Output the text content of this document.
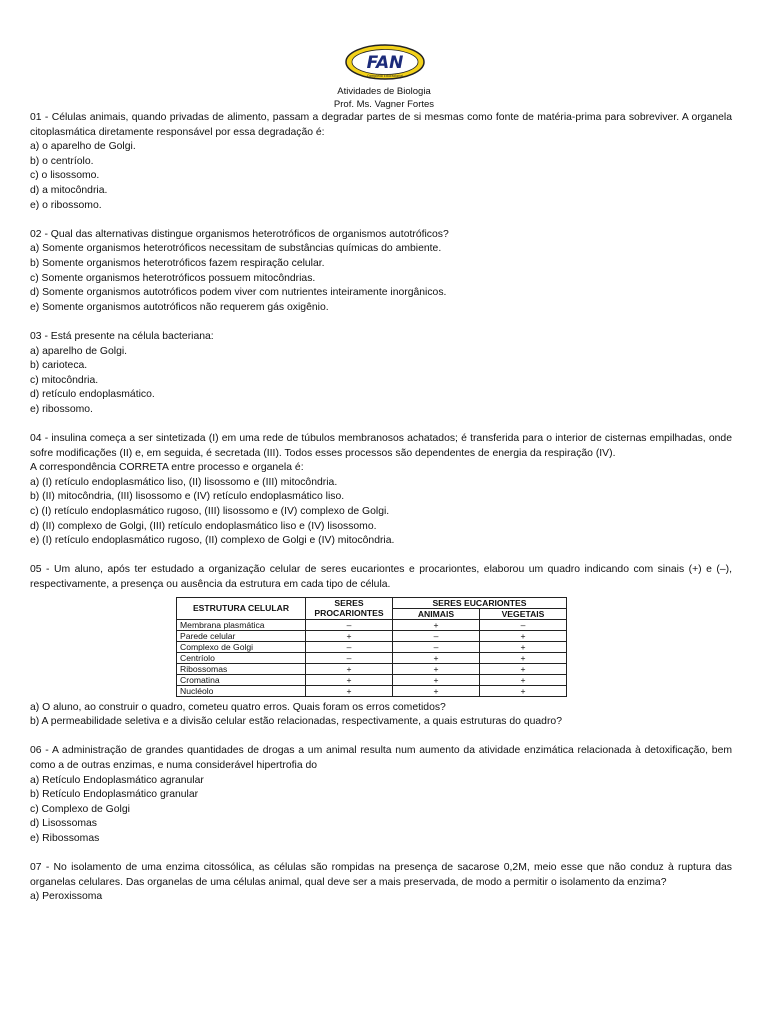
FAN
Complexo Educacional
Atividades de Biologia
Prof. Ms. Vagner Fortes

01 - Células animais, quando privadas de alimento, passam a degradar partes de si mesmas como fonte de matéria-prima para sobreviver. A organela citoplasmática diretamente responsável por essa degradação é:

a) o aparelho de Golgi.

b) o centríolo.

c) o lisossomo.

d) a mitocôndria.

e) o ribossomo.

02 - Qual das alternativas distingue organismos heterotróficos de organismos autotróficos?

a) Somente organismos heterotróficos necessitam de substâncias químicas do ambiente.

b) Somente organismos heterotróficos fazem respiração celular.

c) Somente organismos heterotróficos possuem mitocôndrias.

d) Somente organismos autotróficos podem viver com nutrientes inteiramente inorgânicos.

e) Somente organismos autotróficos não requerem gás oxigênio.

03 - Está presente na célula bacteriana:

a) aparelho de Golgi.

b) carioteca.

c) mitocôndria.

d) retículo endoplasmático.

e) ribossomo.

04 - insulina começa a ser sintetizada (I) em uma rede de túbulos membranosos achatados; é transferida para o interior de cisternas empilhadas, onde sofre modificações (II) e, em seguida, é secretada (III). Todos esses processos são dependentes de energia da respiração (IV).

A correspondência CORRETA entre processo e organela é:

a) (I) retículo endoplasmático liso, (II) lisossomo e (III) mitocôndria.

b) (II) mitocôndria, (III) lisossomo e (IV) retículo endoplasmático liso.

c) (I) retículo endoplasmático rugoso, (III) lisossomo e (IV) complexo de Golgi.

d) (II) complexo de Golgi, (III) retículo endoplasmático liso e (IV) lisossomo.

e) (I) retículo endoplasmático rugoso, (II) complexo de Golgi e (IV) mitocôndria.

05 - Um aluno, após ter estudado a organização celular de seres eucariontes e procariontes, elaborou um quadro indicando com sinais (+) e (–), respectivamente, a presença ou ausência da estrutura em cada tipo de célula.

ESTRUTURA CELULAR	SERES PROCARIONTES	SERES EUCARIONTES	
		ANIMAIS	VEGETAIS
Membrana plasmática	–	+	–
Parede celular	+	–	+
Complexo de Golgi	–	–	+
Centríolo	–	+	+
Ribossomas	+	+	+
Cromatina	+	+	+
Nucléolo	+	+	+

a) O aluno, ao construir o quadro, cometeu quatro erros. Quais foram os erros cometidos?

b) A permeabilidade seletiva e a divisão celular estão relacionadas, respectivamente, a quais estruturas do quadro?

06 - A administração de grandes quantidades de drogas a um animal resulta num aumento da atividade enzimática relacionada à detoxificação, bem como a de outras enzimas, e numa considerável hipertrofia do

a) Retículo Endoplasmático agranular

b) Retículo Endoplasmático granular

c) Complexo de Golgi

d) Lisossomas

e) Ribossomas

07 - No isolamento de uma enzima citossólica, as células são rompidas na presença de sacarose 0,2M, meio esse que não conduz à ruptura das organelas celulares. Das organelas de uma células animal, qual deve ser a mais preservada, de modo a permitir o isolamento da enzima?

a) Peroxissoma
